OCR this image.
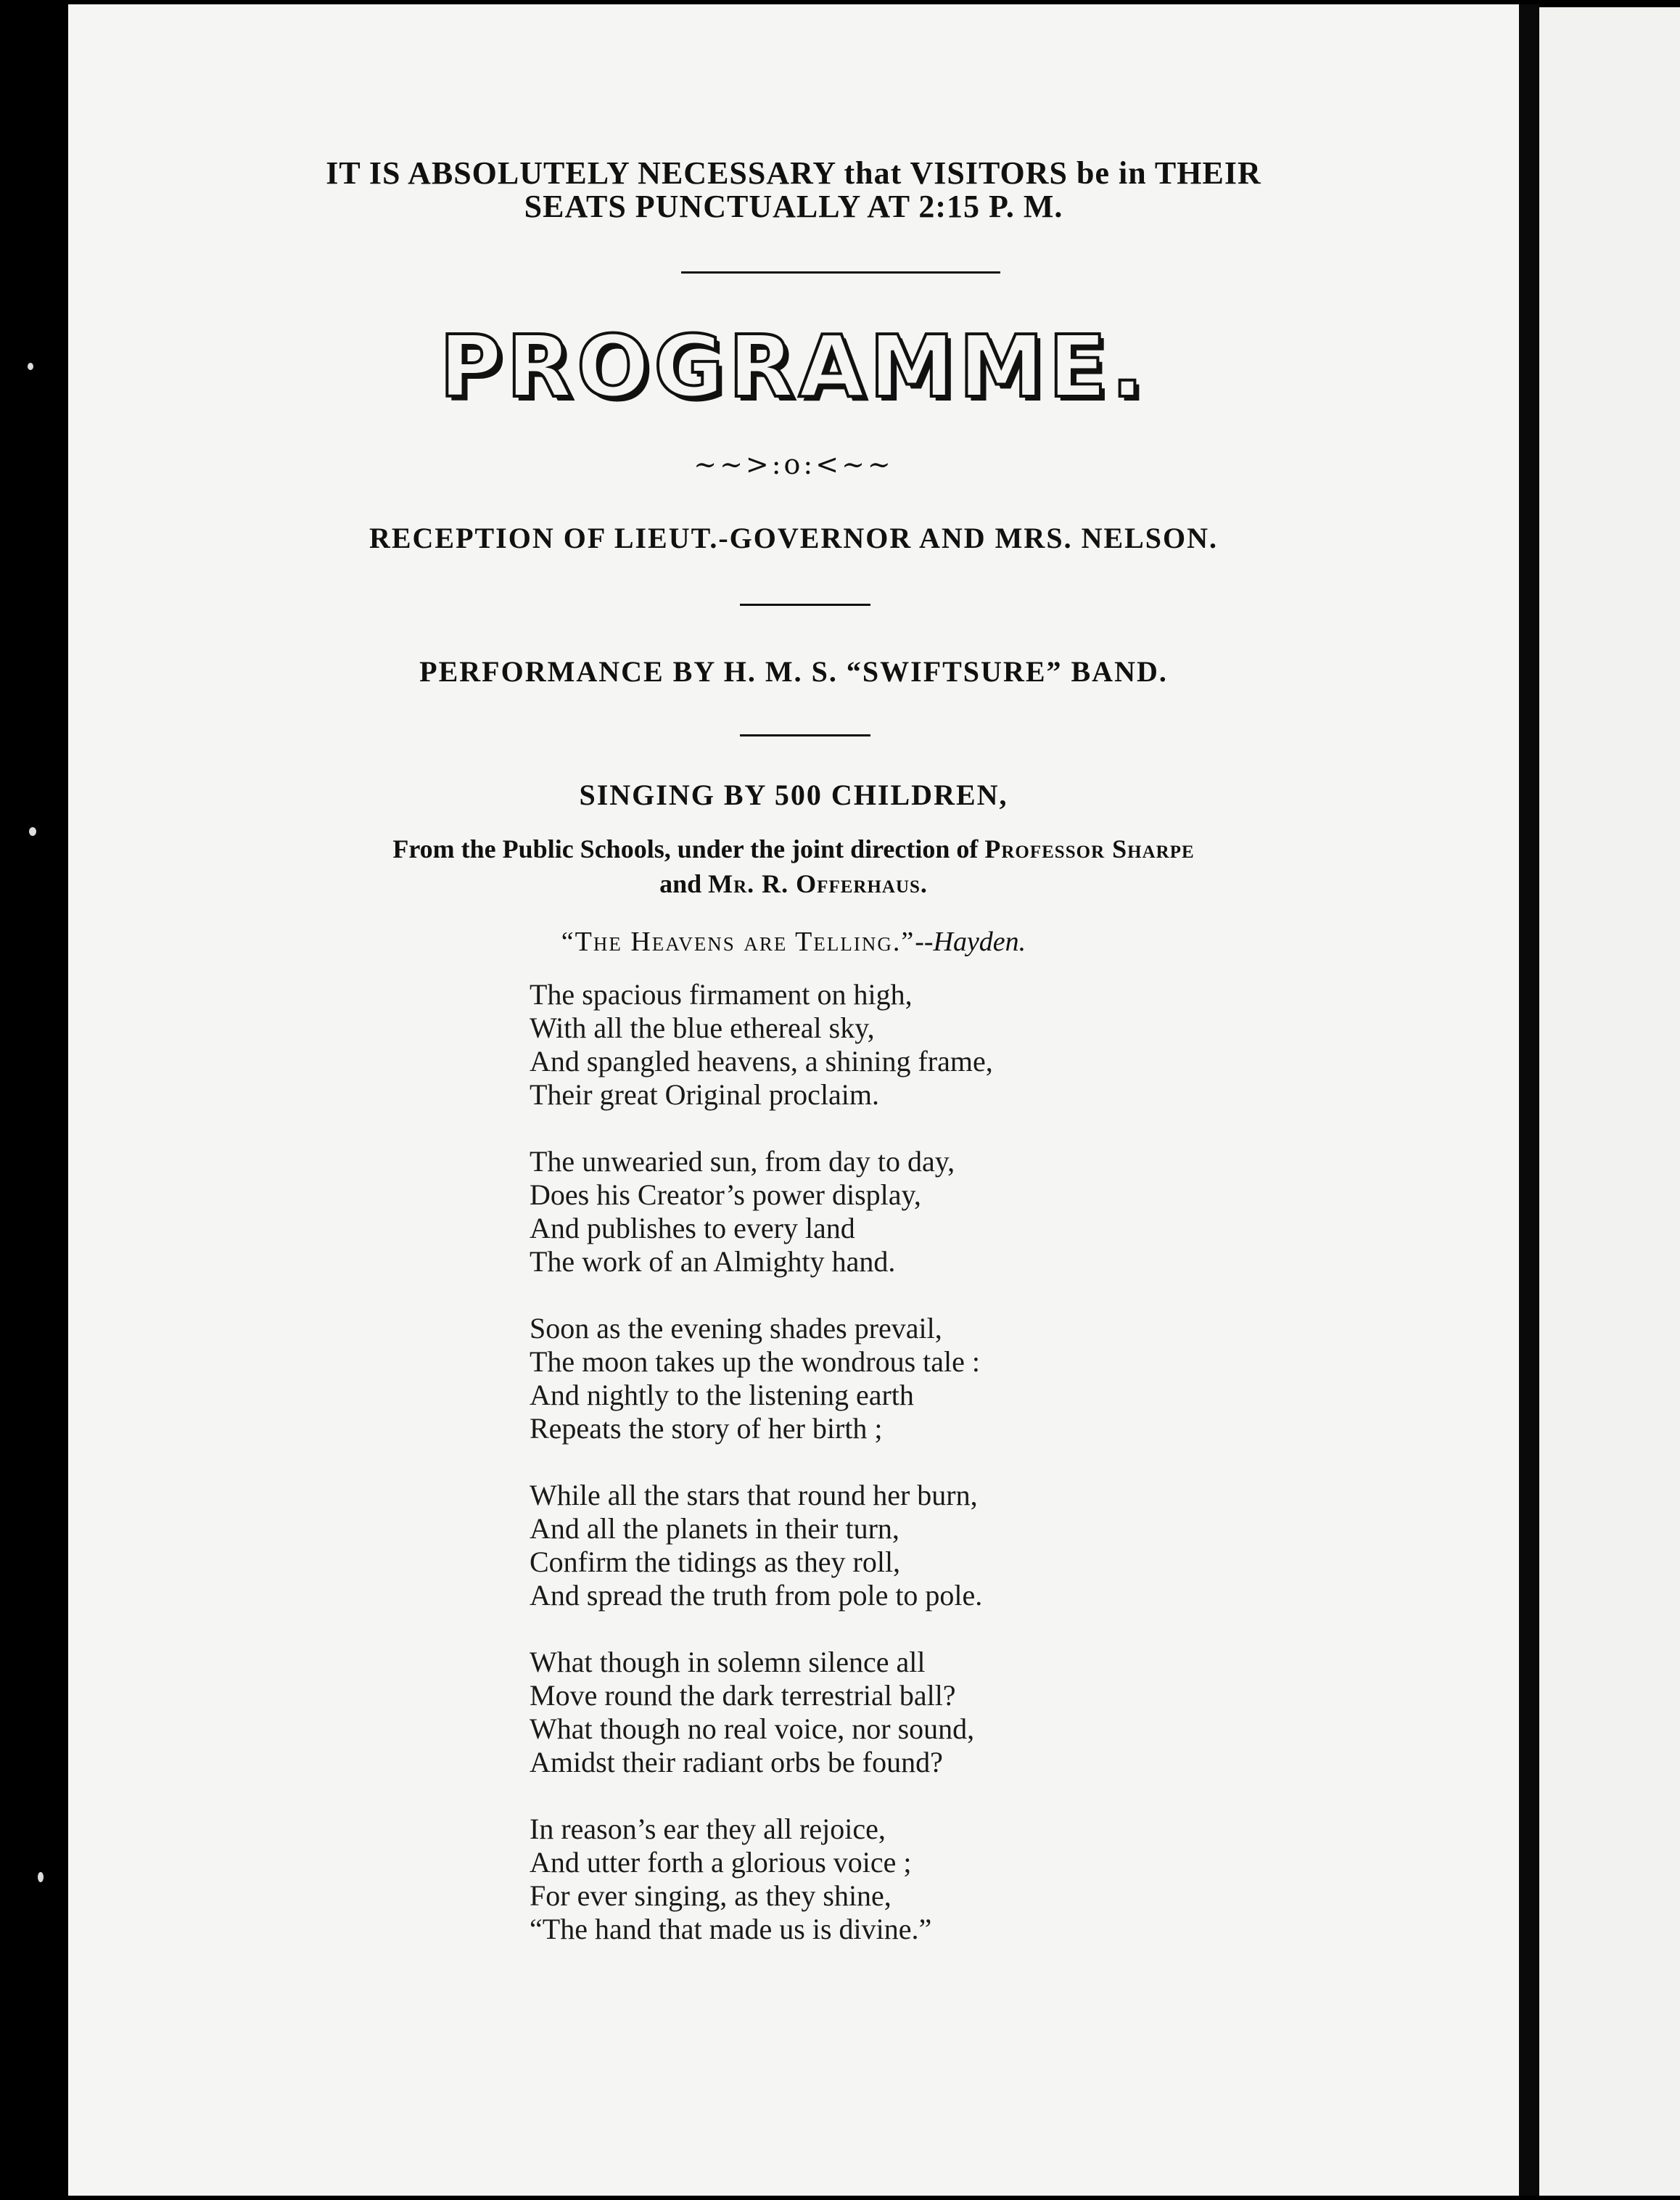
IT IS ABSOLUTELY NECESSARY that VISITORS be in THEIR
SEATS PUNCTUALLY AT 2:15 P. M.
PROGRAMME.
~~>:o:<~~
RECEPTION OF LIEUT.-GOVERNOR AND MRS. NELSON.
PERFORMANCE BY H. M. S. “SWIFTSURE” BAND.
SINGING BY 500 CHILDREN,
From the Public Schools, under the joint direction of Professor Sharpe
and Mr. R. Offerhaus.
“The Heavens are Telling.”--Hayden.
The spacious firmament on high,
With all the blue ethereal sky,
And spangled heavens, a shining frame,
Their great Original proclaim.
The unwearied sun, from day to day,
Does his Creator’s power display,
And publishes to every land
The work of an Almighty hand.
Soon as the evening shades prevail,
The moon takes up the wondrous tale :
And nightly to the listening earth
Repeats the story of her birth ;
While all the stars that round her burn,
And all the planets in their turn,
Confirm the tidings as they roll,
And spread the truth from pole to pole.
What though in solemn silence all
Move round the dark terrestrial ball?
What though no real voice, nor sound,
Amidst their radiant orbs be found?
In reason’s ear they all rejoice,
And utter forth a glorious voice ;
For ever singing, as they shine,
“The hand that made us is divine.”
